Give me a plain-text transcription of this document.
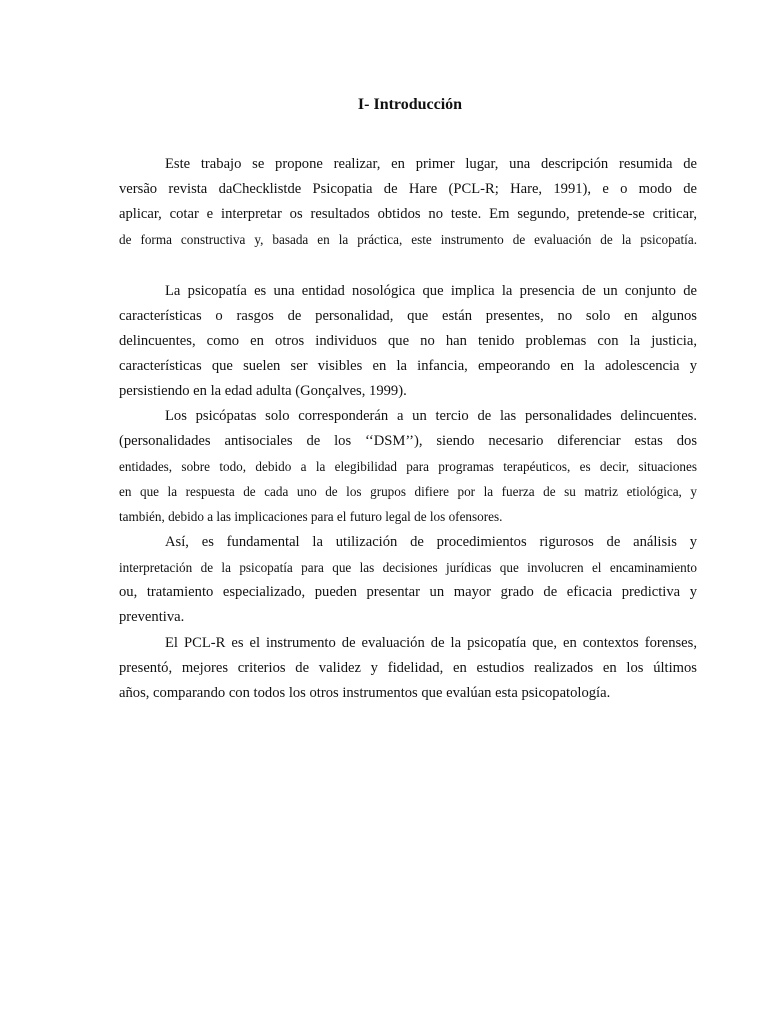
I- Introducción
Este trabajo se propone realizar, en primer lugar, una descripción resumida de
versão revista daChecklistde Psicopatia de Hare (PCL-R; Hare, 1991), e o modo de
aplicar, cotar e interpretar os resultados obtidos no teste. Em segundo, pretende-se criticar,
de forma constructiva y, basada en la práctica, este instrumento de evaluación de la psicopatía.
La psicopatía es una entidad nosológica que implica la presencia de un conjunto de
características o rasgos de personalidad, que están presentes, no solo en algunos
delincuentes, como en otros individuos que no han tenido problemas con la justicia,
características que suelen ser visibles en la infancia, empeorando en la adolescencia y
persistiendo en la edad adulta (Gonçalves, 1999).
Los psicópatas solo corresponderán a un tercio de las personalidades delincuentes.
(personalidades antisociales de los ‘‘DSM’’), siendo necesario diferenciar estas dos
entidades, sobre todo, debido a la elegibilidad para programas terapéuticos, es decir, situaciones
en que la respuesta de cada uno de los grupos difiere por la fuerza de su matriz etiológica, y
también, debido a las implicaciones para el futuro legal de los ofensores.
Así, es fundamental la utilización de procedimientos rigurosos de análisis y
interpretación de la psicopatía para que las decisiones jurídicas que involucren el encaminamiento
ou, tratamiento especializado, pueden presentar un mayor grado de eficacia predictiva y
preventiva.
El PCL-R es el instrumento de evaluación de la psicopatía que, en contextos forenses,
presentó, mejores criterios de validez y fidelidad, en estudios realizados en los últimos
años, comparando con todos los otros instrumentos que evalúan esta psicopatología.
